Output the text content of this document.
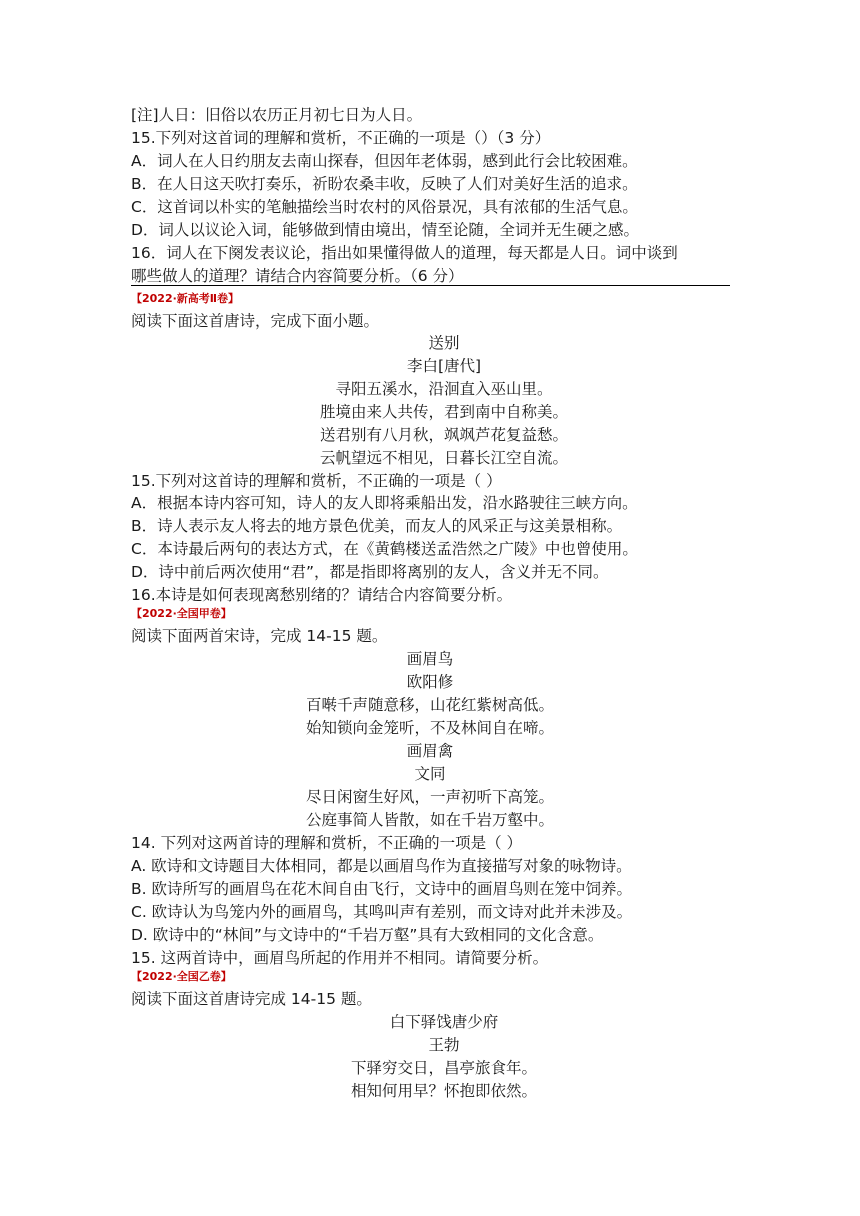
[注]人日：旧俗以农历正月初七日为人日。
15.下列对这首词的理解和赏析，不正确的一项是（）（3 分）
A．词人在人日约朋友去南山探春，但因年老体弱，感到此行会比较困难。
B．在人日这天吹打奏乐，祈盼农桑丰收，反映了人们对美好生活的追求。
C．这首词以朴实的笔触描绘当时农村的风俗景况，具有浓郁的生活气息。
D．词人以议论入词，能够做到情由境出，情至论随，全词并无生硬之感。
16．词人在下阕发表议论，指出如果懂得做人的道理，每天都是人日。词中谈到
哪些做人的道理？请结合内容简要分析。（6 分）
【2022·新高考Ⅱ卷】
阅读下面这首唐诗，完成下面小题。
送别
李白[唐代]
寻阳五溪水，沿洄直入巫山里。
胜境由来人共传，君到南中自称美。
送君别有八月秋，飒飒芦花复益愁。
云帆望远不相见，日暮长江空自流。
15.下列对这首诗的理解和赏析，不正确的一项是（ ）
A．根据本诗内容可知，诗人的友人即将乘船出发，沿水路驶往三峡方向。
B．诗人表示友人将去的地方景色优美，而友人的风采正与这美景相称。
C．本诗最后两句的表达方式，在《黄鹤楼送孟浩然之广陵》中也曾使用。
D．诗中前后两次使用“君”，都是指即将离别的友人，含义并无不同。
16.本诗是如何表现离愁别绪的？请结合内容简要分析。
【2022·全国甲卷】
阅读下面两首宋诗，完成 14-15 题。
画眉鸟
欧阳修
百啭千声随意移，山花红紫树高低。
始知锁向金笼听，不及林间自在啼。
画眉禽
文同
尽日闲窗生好风，一声初听下高笼。
公庭事简人皆散，如在千岩万壑中。
14. 下列对这两首诗的理解和赏析，不正确的一项是（ ）
A. 欧诗和文诗题目大体相同，都是以画眉鸟作为直接描写对象的咏物诗。
B. 欧诗所写的画眉鸟在花木间自由飞行，文诗中的画眉鸟则在笼中饲养。
C. 欧诗认为鸟笼内外的画眉鸟，其鸣叫声有差别，而文诗对此并未涉及。
D. 欧诗中的“林间”与文诗中的“千岩万壑”具有大致相同的文化含意。
15. 这两首诗中，画眉鸟所起的作用并不相同。请简要分析。
【2022·全国乙卷】
阅读下面这首唐诗完成 14-15 题。
白下驿饯唐少府
王勃
下驿穷交日，昌亭旅食年。
相知何用早？怀抱即依然。
